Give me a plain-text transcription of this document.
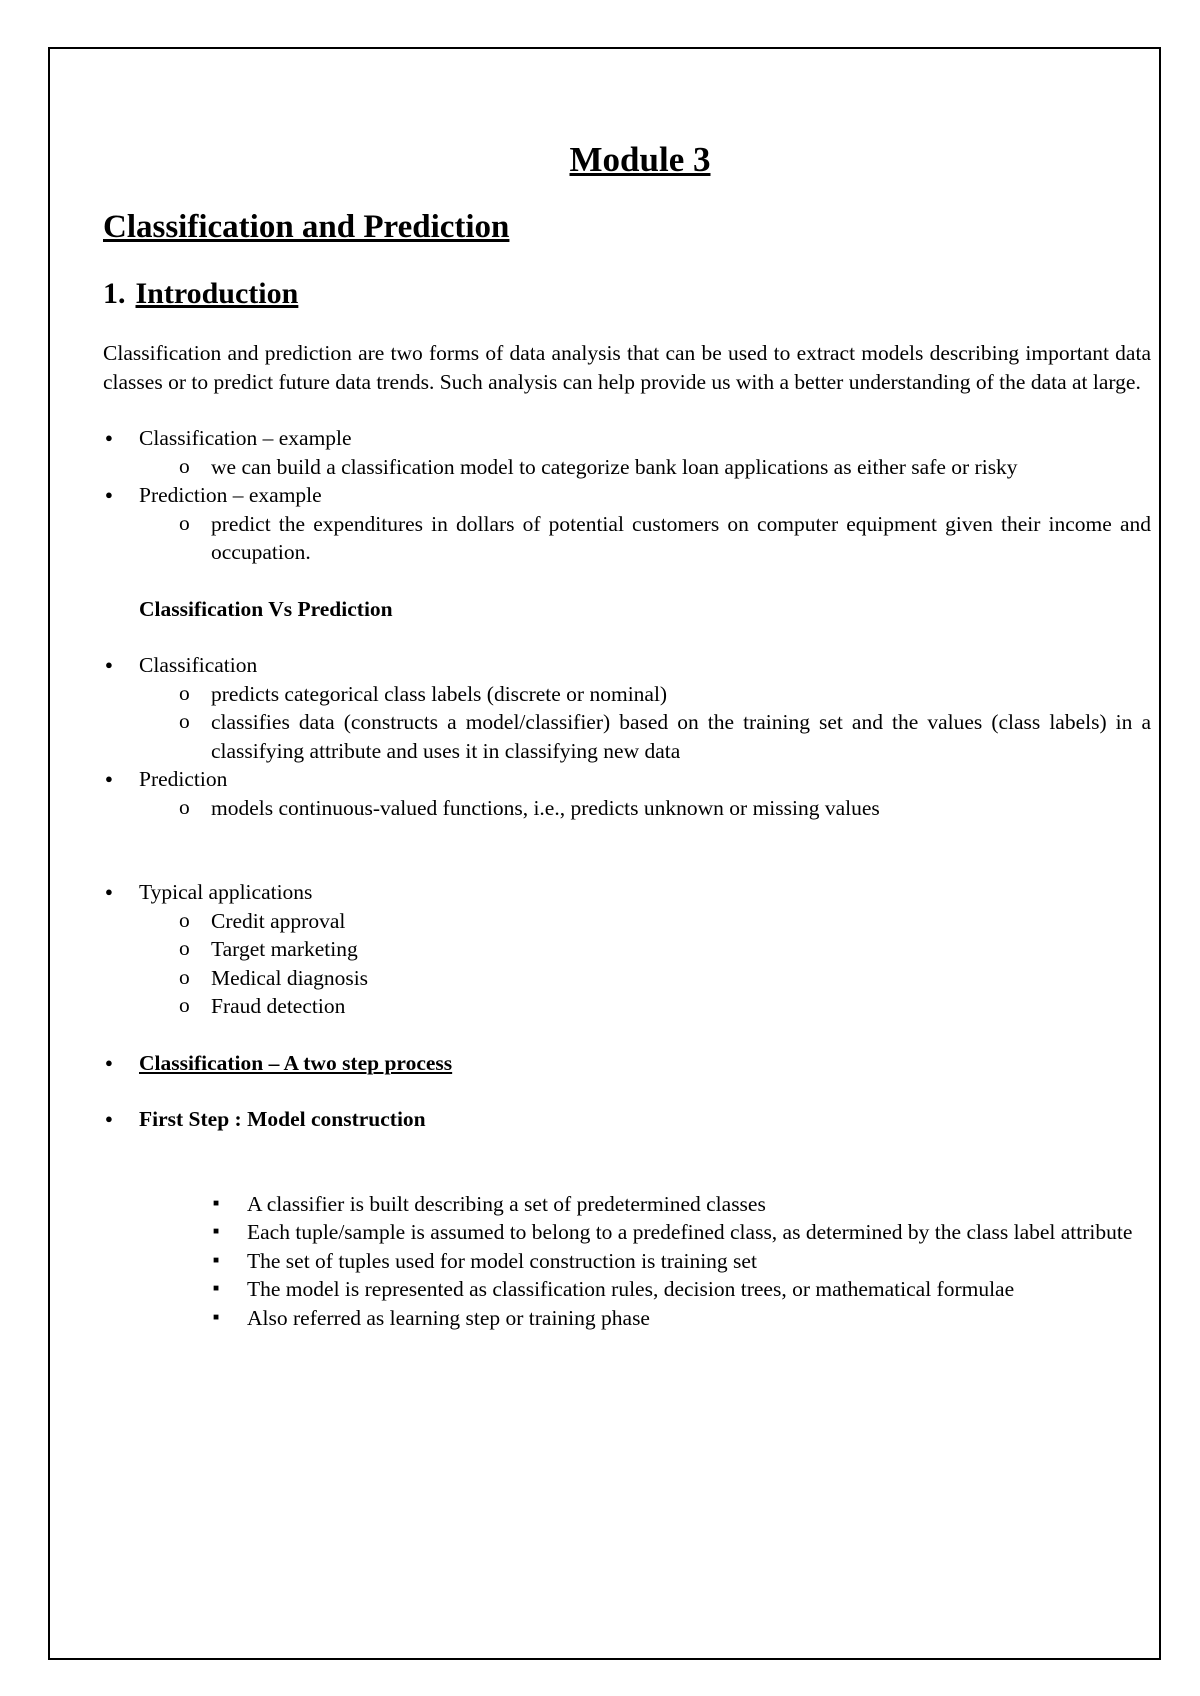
Module 3
Classification and Prediction
1. Introduction

Classification and prediction are two forms of data analysis that can be used to extract models describing important data classes or to predict future data trends. Such analysis can help provide us with a better understanding of the data at large.

● Classification – example
o we can build a classification model to categorize bank loan applications as either safe or risky
● Prediction – example
o predict the expenditures in dollars of potential customers on computer equipment given their income and occupation.

Classification Vs Prediction

● Classification
o predicts categorical class labels (discrete or nominal)
o classifies data (constructs a model/classifier) based on the training set and the values (class labels) in a classifying attribute and uses it in classifying new data
● Prediction
o models continuous-valued functions, i.e., predicts unknown or missing values
● Typical applications
o Credit approval
o Target marketing
o Medical diagnosis
o Fraud detection
● Classification – A two step process
● First Step : Model construction
■ A classifier is built describing a set of predetermined classes
■ Each tuple/sample is assumed to belong to a predefined class, as determined by the class label attribute
■ The set of tuples used for model construction is training set
■ The model is represented as classification rules, decision trees, or mathematical formulae
■ Also referred as learning step or training phase
